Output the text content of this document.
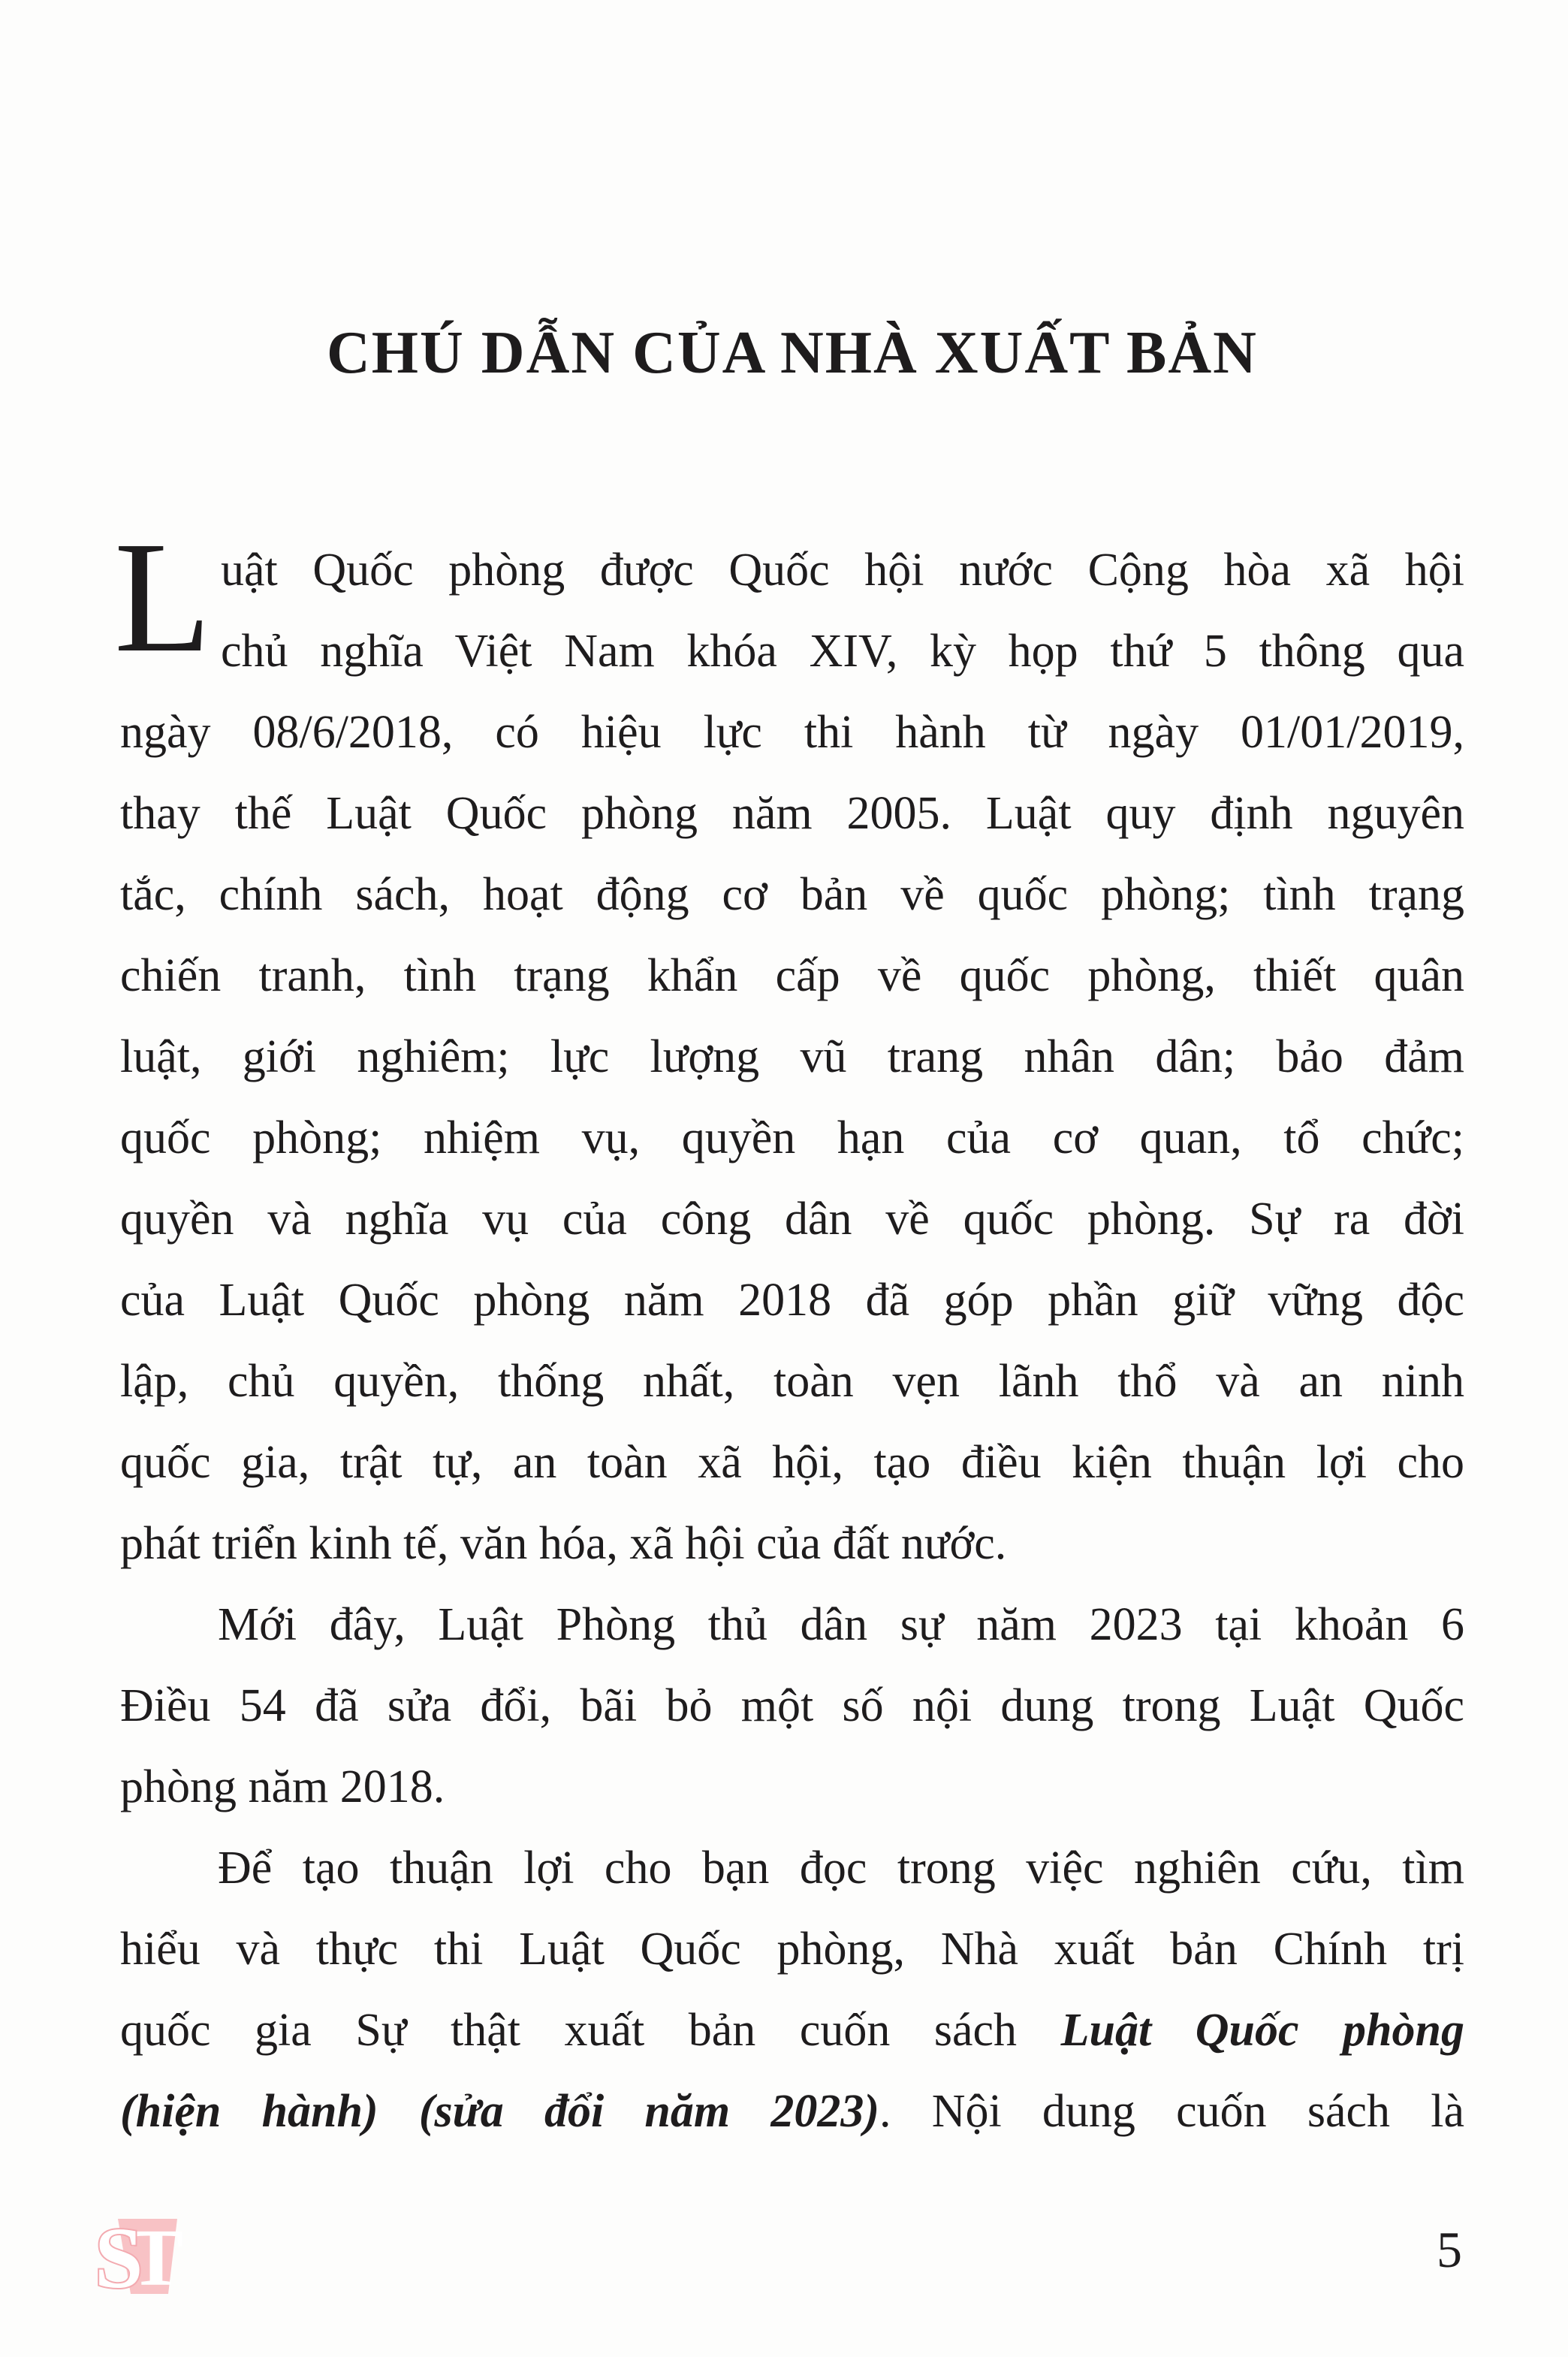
CHÚ DẪN CỦA NHÀ XUẤT BẢN
L uật Quốc phòng được Quốc hội nước Cộng hòa xã hội
chủ nghĩa Việt Nam khóa XIV, kỳ họp thứ 5 thông qua
ngày 08/6/2018, có hiệu lực thi hành từ ngày 01/01/2019,
thay thế Luật Quốc phòng năm 2005. Luật quy định nguyên
tắc, chính sách, hoạt động cơ bản về quốc phòng; tình trạng
chiến tranh, tình trạng khẩn cấp về quốc phòng, thiết quân
luật, giới nghiêm; lực lượng vũ trang nhân dân; bảo đảm
quốc phòng; nhiệm vụ, quyền hạn của cơ quan, tổ chức;
quyền và nghĩa vụ của công dân về quốc phòng. Sự ra đời
của Luật Quốc phòng năm 2018 đã góp phần giữ vững độc
lập, chủ quyền, thống nhất, toàn vẹn lãnh thổ và an ninh
quốc gia, trật tự, an toàn xã hội, tạo điều kiện thuận lợi cho
phát triển kinh tế, văn hóa, xã hội của đất nước.
Mới đây, Luật Phòng thủ dân sự năm 2023 tại khoản 6
Điều 54 đã sửa đổi, bãi bỏ một số nội dung trong Luật Quốc
phòng năm 2018.
Để tạo thuận lợi cho bạn đọc trong việc nghiên cứu, tìm
hiểu và thực thi Luật Quốc phòng, Nhà xuất bản Chính trị
quốc gia Sự thật xuất bản cuốn sách Luật Quốc phòng
(hiện hành) (sửa đổi năm 2023). Nội dung cuốn sách là
T
S	5
